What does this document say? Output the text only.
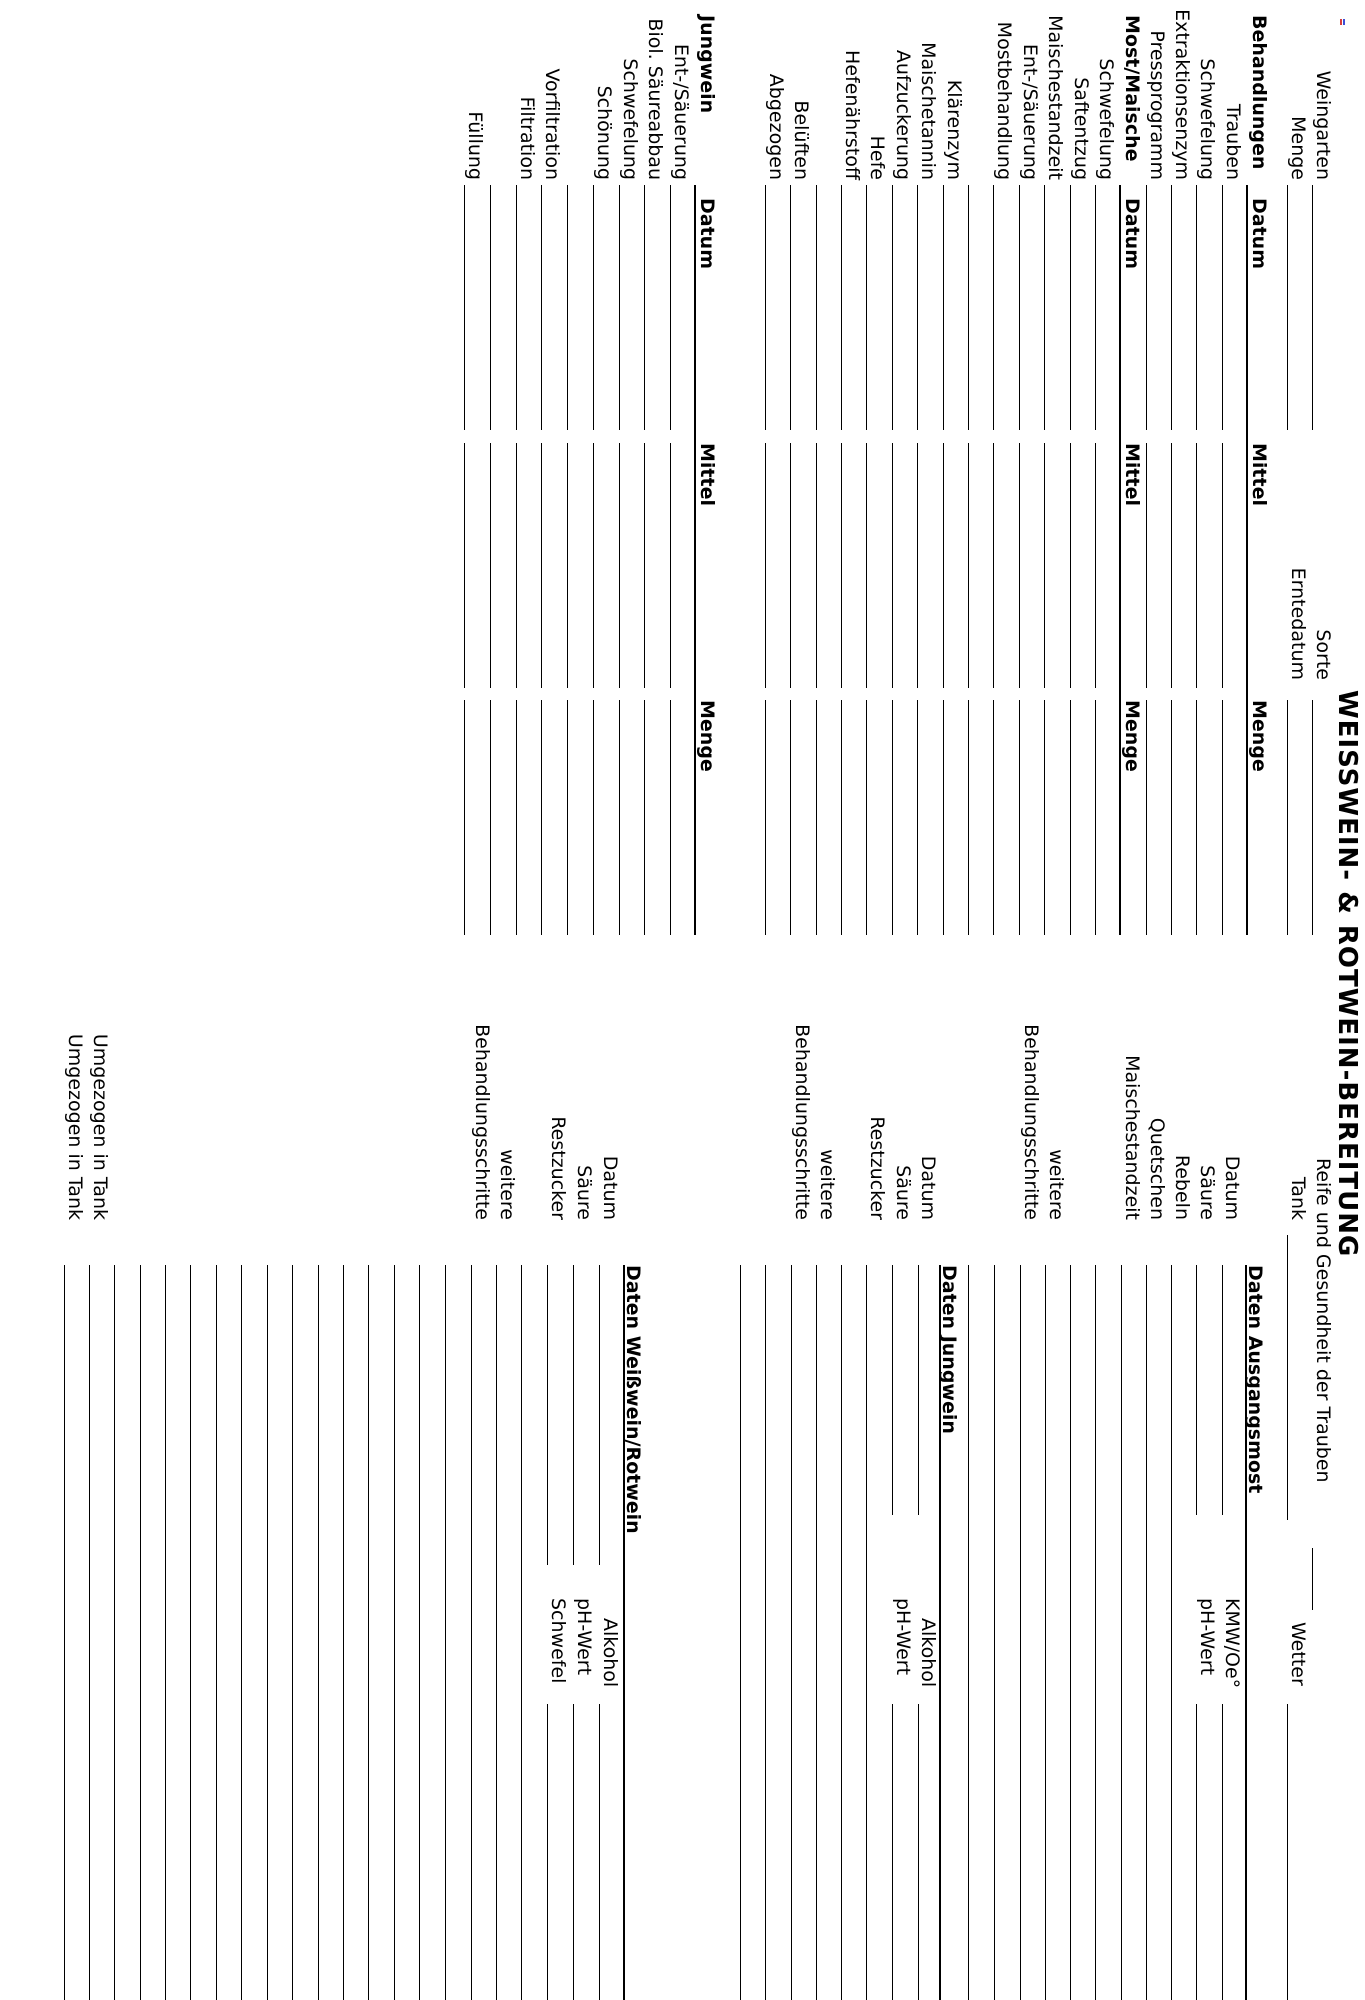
WEISSWEIN- & ROTWEIN-BEREITUNG
Weingarten
Menge
Sorte
Erntedatum
Reife und Gesundheit der Trauben
Tank
Wetter
Behandlungen
Datum
Mittel
Menge
Trauben
Schwefelung
Extraktionsenzym
Pressprogramm
Most/Maische
Datum
Mittel
Menge
Schwefelung
Saftentzug
Maischestandzeit
Ent-/Säuerung
Mostbehandlung
Klärenzym
Maischetannin
Aufzuckerung
Hefe
Hefenährstoff
Belüften
Abgezogen
Jungwein
Datum
Mittel
Menge
Ent-/Säuerung
Biol. Säureabbau
Schwefelung
Schönung
Vorfiltration
Filtration
Füllung
Daten Ausgangsmost
Datum
KMW/Oe°
Säure
pH-Wert
Rebeln
Quetschen
Maischestandzeit
weitere
Behandlungsschritte
Daten Jungwein
Datum
Alkohol
Säure
pH-Wert
Restzucker
weitere
Behandlungsschritte
Daten Weißwein/Rotwein
Datum
Alkohol
Säure
pH-Wert
Restzucker
Schwefel
weitere
Behandlungsschritte
Umgezogen in Tank
Umgezogen in Tank
